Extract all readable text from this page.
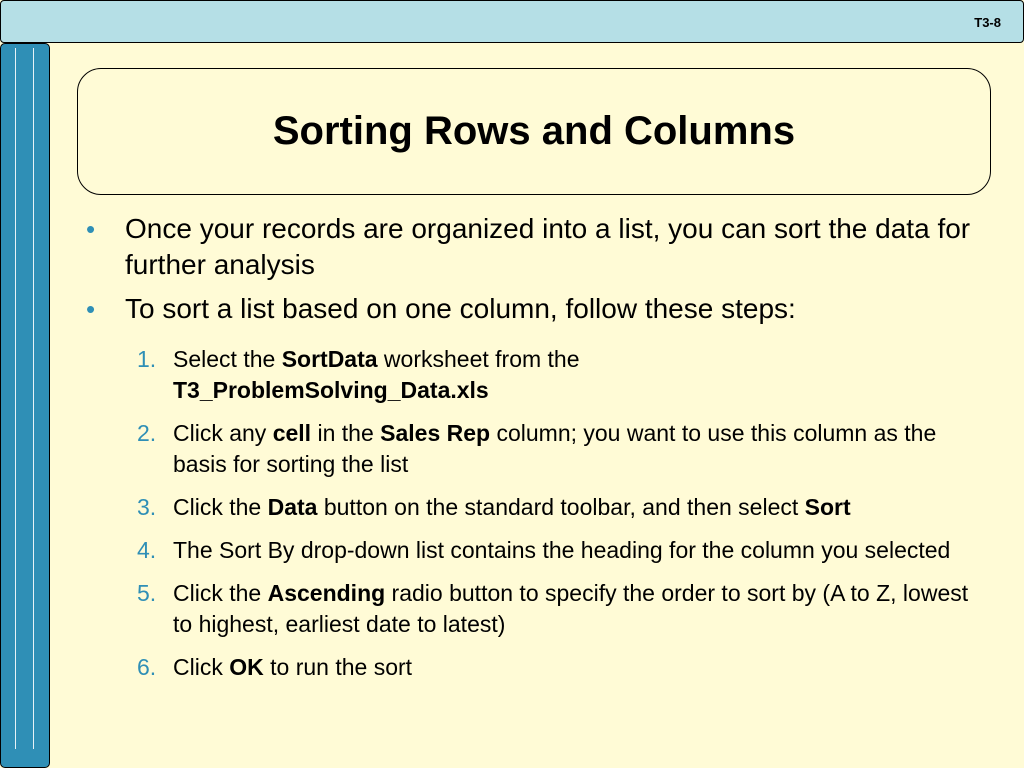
T3-8
Sorting Rows and Columns
• Once your records are organized into a list, you can sort the data for further analysis
• To sort a list based on one column, follow these steps:
1. Select the SortData worksheet from the
T3_ProblemSolving_Data.xls
2. Click any cell in the Sales Rep column; you want to use this column as the basis for sorting the list
3. Click the Data button on the standard toolbar, and then select Sort
4. The Sort By drop-down list contains the heading for the column you selected
5. Click the Ascending radio button to specify the order to sort by (A to Z, lowest to highest, earliest date to latest)
6. Click OK to run the sort
